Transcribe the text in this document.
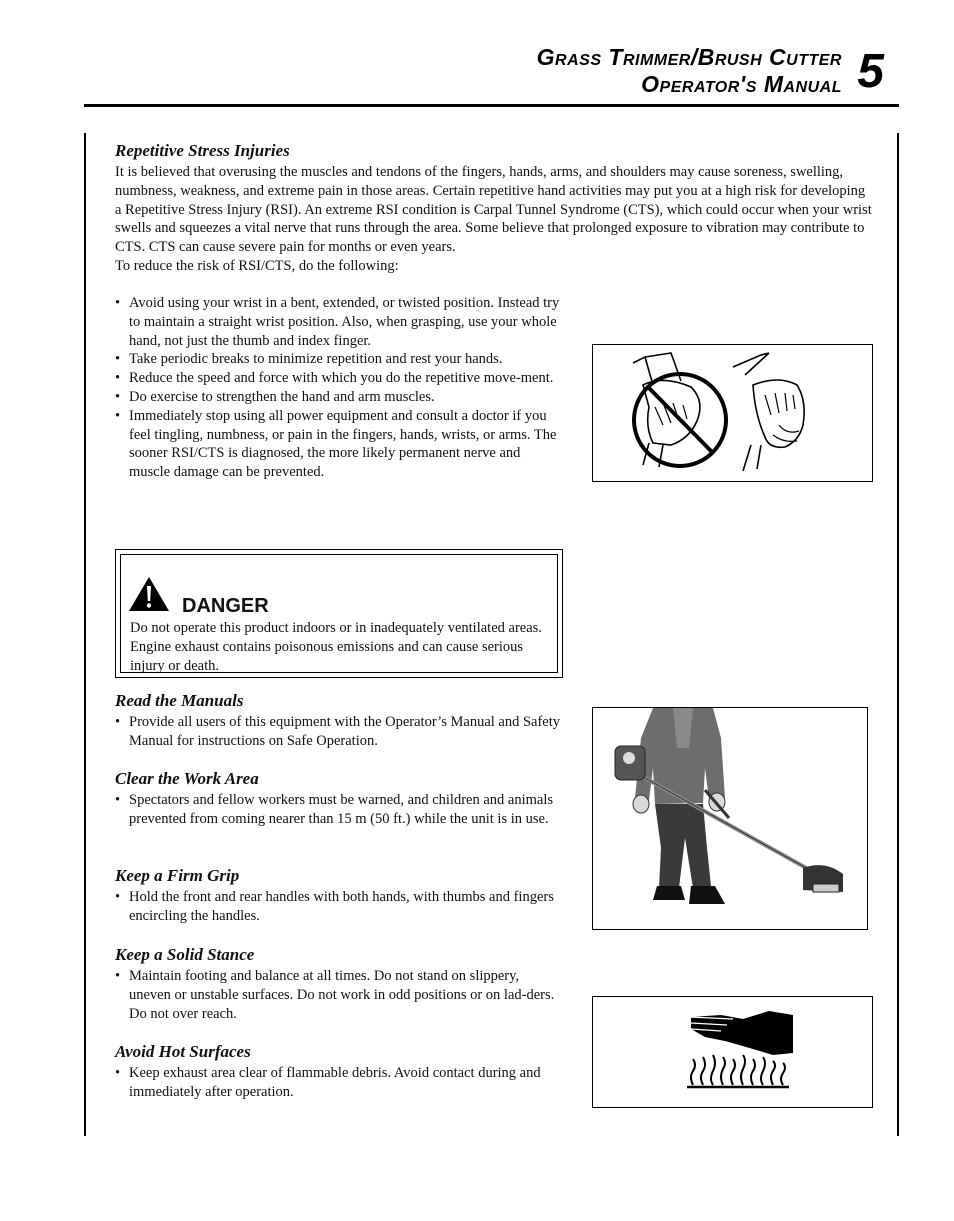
Grass Trimmer/Brush Cutter
Operator's Manual 5
Repetitive Stress Injuries

It is believed that overusing the muscles and tendons of the fingers, hands, arms, and shoulders may cause soreness, swelling, numbness, weakness, and extreme pain in those areas. Certain repetitive hand activities may put you at a high risk for developing a Repetitive Stress Injury (RSI). An extreme RSI condition is Carpal Tunnel Syndrome (CTS), which could occur when your wrist swells and squeezes a vital nerve that runs through the area. Some believe that prolonged exposure to vibration may contribute to CTS. CTS can cause severe pain for months or even years.

To reduce the risk of RSI/CTS, do the following:

• Avoid using your wrist in a bent, extended, or twisted position. Instead try to maintain a straight wrist position. Also, when grasping, use your whole hand, not just the thumb and index finger.
• Take periodic breaks to minimize repetition and rest your hands.
• Reduce the speed and force with which you do the repetitive move-ment.
• Do exercise to strengthen the hand and arm muscles.
• Immediately stop using all power equipment and consult a doctor if you feel tingling, numbness, or pain in the fingers, hands, wrists, or arms. The sooner RSI/CTS is diagnosed, the more likely permanent nerve and muscle damage can be prevented.
DANGER
Do not operate this product indoors or in inadequately ventilated areas. Engine exhaust contains poisonous emissions and can cause serious injury or death.
Read the Manuals
• Provide all users of this equipment with the Operator’s Manual and Safety Manual for instructions on Safe Operation.
Clear the Work Area
• Spectators and fellow workers must be warned, and children and animals prevented from coming nearer than 15 m (50 ft.) while the unit is in use.
Keep a Firm Grip
• Hold the front and rear handles with both hands, with thumbs and fingers encircling the handles.
Keep a Solid Stance
• Maintain footing and balance at all times. Do not stand on slippery, uneven or unstable surfaces. Do not work in odd positions or on lad-ders. Do not over reach.
Avoid Hot Surfaces
• Keep exhaust area clear of flammable debris. Avoid contact during and immediately after operation.
